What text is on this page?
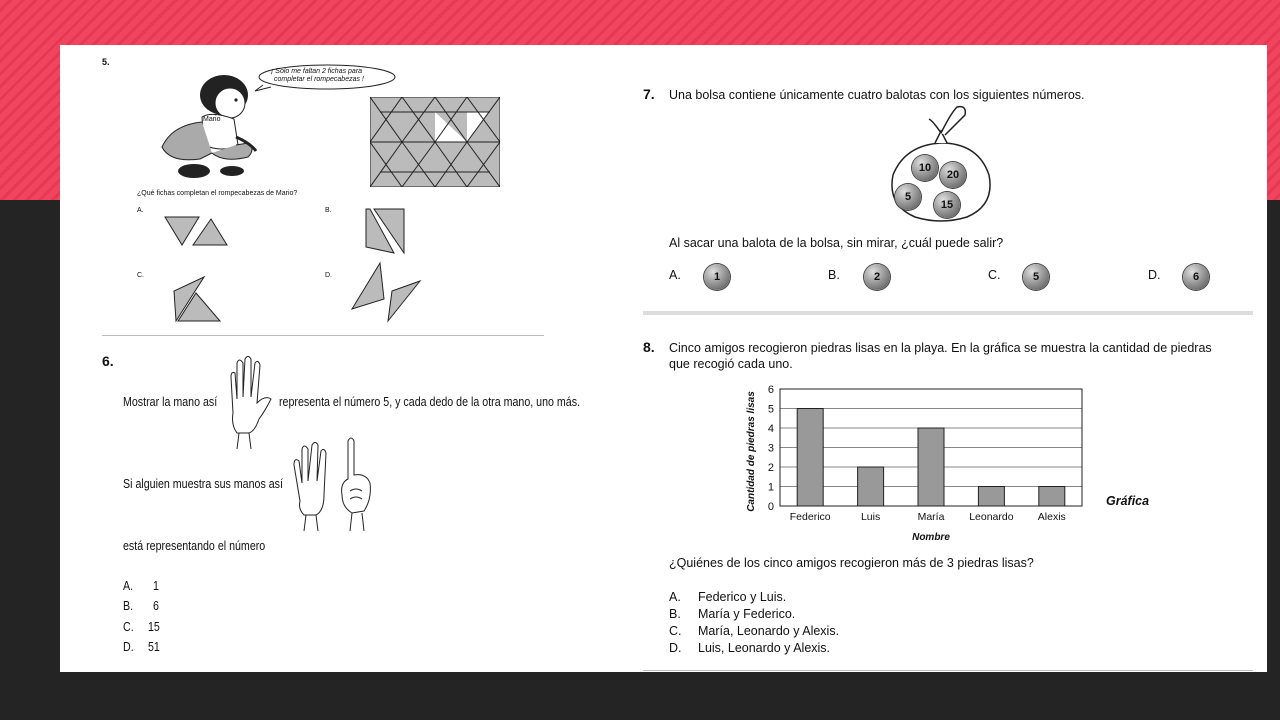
5.
Mario
¡ Solo me faltan 2 fichas para
completar el rompecabezas !
¿Qué fichas completan el rompecabezas de Mario?
A.	B.
C.	D.
6.
Mostrar la mano así	representa el número 5, y cada dedo de la otra mano, uno más.
Si alguien muestra sus manos así
está representando el número
A. 1
B. 6
C. 15
D. 51
7. Una bolsa contiene únicamente cuatro balotas con los siguientes números.
10
20
5
15
Al sacar una balota de la bolsa, sin mirar, ¿cuál puede salir?
A.	1	B.	2	C.	5	D.	6
8. Cinco amigos recogieron piedras lisas en la playa. En la gráfica se muestra la cantidad de piedras
que recogió cada uno.
0
1
2
3
4
5
6
Federico	Luis	María Leonardo Alexis
Cantidad de piedras lisas
Nombre
Gráfica
¿Quiénes de los cinco amigos recogieron más de 3 piedras lisas?
A. Federico y Luis.
B. María y Federico.
C. María, Leonardo y Alexis.
D. Luis, Leonardo y Alexis.
